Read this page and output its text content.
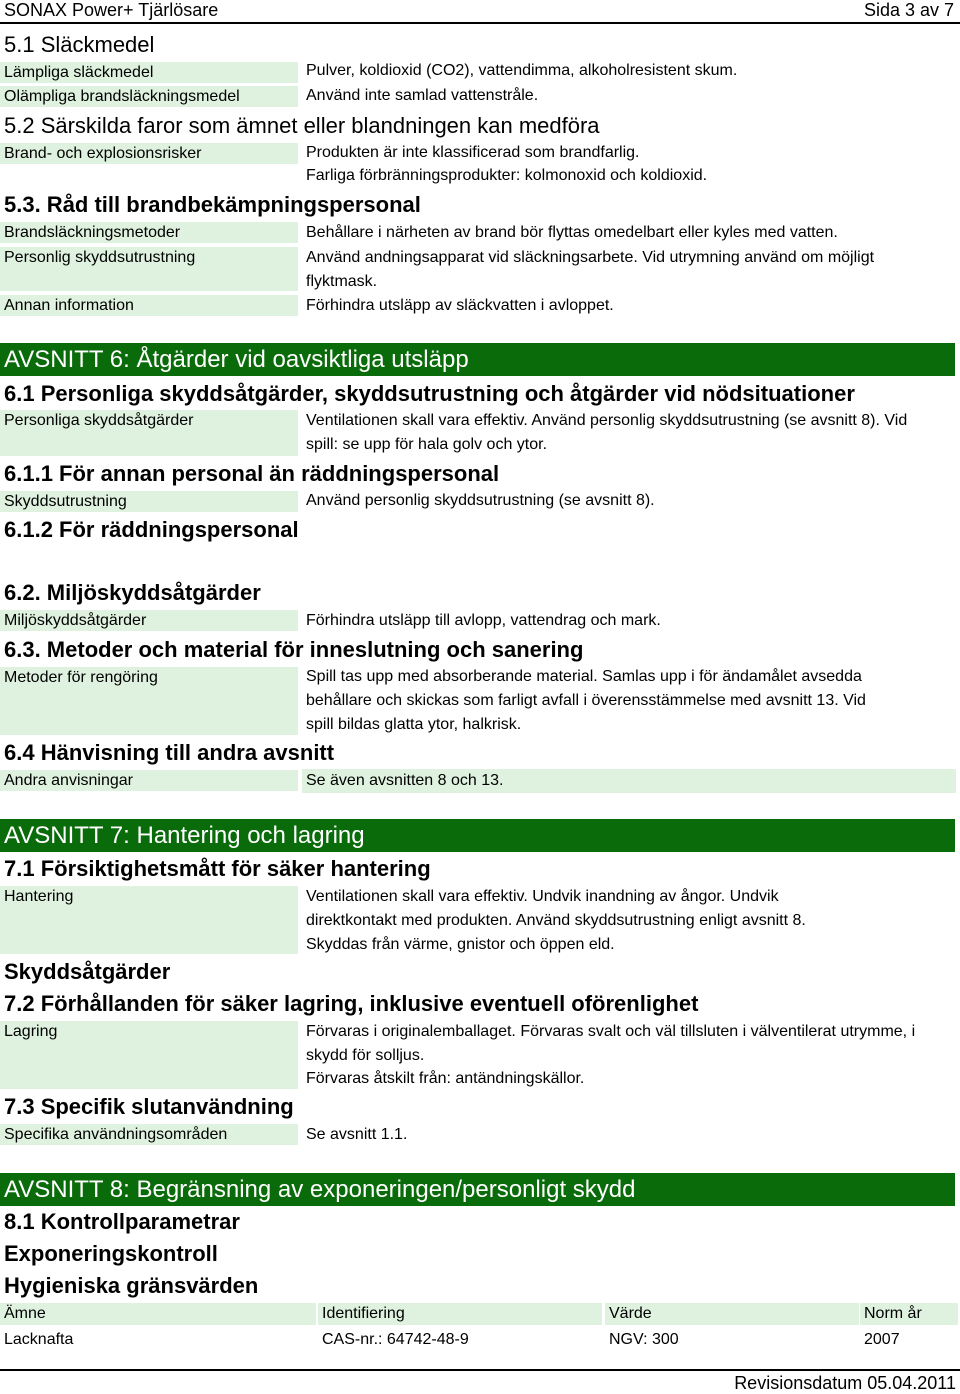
SONAX Power+ Tjärlösare	Sida 3 av 7
5.1 Släckmedel
Lämpliga släckmedel	Pulver, koldioxid (CO2), vattendimma, alkoholresistent skum.
Olämpliga brandsläckningsmedel	Använd inte samlad vattenstråle.
5.2 Särskilda faror som ämnet eller blandningen kan medföra
Brand- och explosionsrisker	Produkten är inte klassificerad som brandfarlig.
Farliga förbränningsprodukter: kolmonoxid och koldioxid.
5.3. Råd till brandbekämpningspersonal
Brandsläckningsmetoder	Behållare i närheten av brand bör flyttas omedelbart eller kyles med vatten.
Personlig skyddsutrustning	Använd andningsapparat vid släckningsarbete. Vid utrymning använd om möjligt flyktmask.
Annan information	Förhindra utsläpp av släckvatten i avloppet.
AVSNITT 6: Åtgärder vid oavsiktliga utsläpp
6.1 Personliga skyddsåtgärder, skyddsutrustning och åtgärder vid nödsituationer
Personliga skyddsåtgärder	Ventilationen skall vara effektiv. Använd personlig skyddsutrustning (se avsnitt 8). Vid spill: se upp för hala golv och ytor.
6.1.1 För annan personal än räddningspersonal
Skyddsutrustning	Använd personlig skyddsutrustning (se avsnitt 8).
6.1.2 För räddningspersonal
6.2. Miljöskyddsåtgärder
Miljöskyddsåtgärder	Förhindra utsläpp till avlopp, vattendrag och mark.
6.3. Metoder och material för inneslutning och sanering
Metoder för rengöring	Spill tas upp med absorberande material. Samlas upp i för ändamålet avsedda behållare och skickas som farligt avfall i överensstämmelse med avsnitt 13. Vid spill bildas glatta ytor, halkrisk.
6.4 Hänvisning till andra avsnitt
Andra anvisningar	Se även avsnitten 8 och 13.
AVSNITT 7: Hantering och lagring
7.1 Försiktighetsmått för säker hantering
Hantering	Ventilationen skall vara effektiv. Undvik inandning av ångor. Undvik direktkontakt med produkten. Använd skyddsutrustning enligt avsnitt 8. Skyddas från värme, gnistor och öppen eld.
Skyddsåtgärder
7.2 Förhållanden för säker lagring, inklusive eventuell oförenlighet
Lagring	Förvaras i originalemballaget. Förvaras svalt och väl tillsluten i välventilerat utrymme, i skydd för solljus.
Förvaras åtskilt från: antändningskällor.
7.3 Specifik slutanvändning
Specifika användningsområden	Se avsnitt 1.1.
AVSNITT 8: Begränsning av exponeringen/personligt skydd
8.1 Kontrollparametrar
Exponeringskontroll
Hygieniska gränsvärden
Ämne	Identifiering	Värde	Norm år
Lacknafta	CAS-nr.: 64742-48-9	NGV: 300	2007
Revisionsdatum 05.04.2011
